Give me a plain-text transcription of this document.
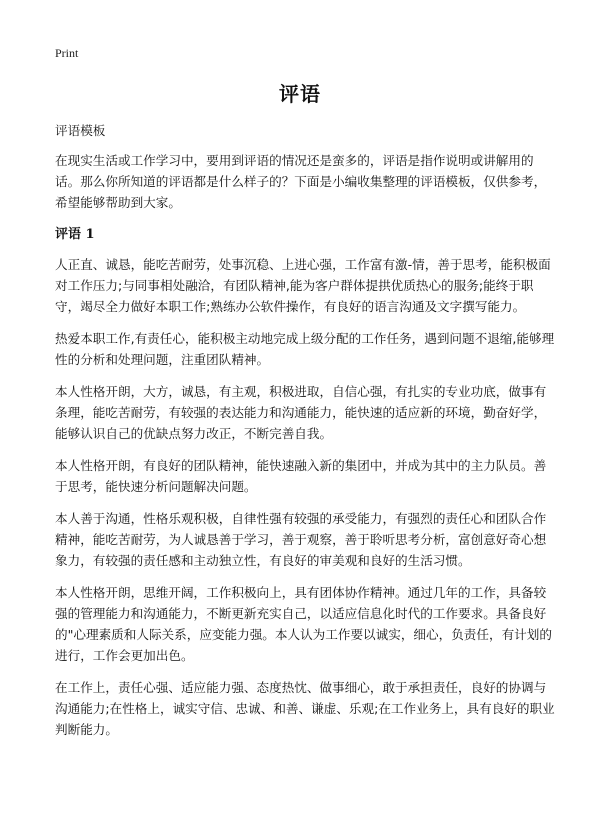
Print
评语

评语模板

在现实生活或工作学习中，要用到评语的情况还是蛮多的，评语是指作说明或讲解用的话。那么你所知道的评语都是什么样子的？下面是小编收集整理的评语模板，仅供参考，希望能够帮助到大家。

评语 1

人正直、诚恳，能吃苦耐劳，处事沉稳、上进心强，工作富有激-情，善于思考，能积极面对工作压力;与同事相处融洽，有团队精神,能为客户群体提拱优质热心的服务;能终于职守，竭尽全力做好本职工作;熟练办公软件操作，有良好的语言沟通及文字撰写能力。

热爱本职工作,有责任心，能积极主动地完成上级分配的工作任务，遇到问题不退缩,能够理性的分析和处理问题，注重团队精神。

本人性格开朗，大方，诚恳，有主观，积极进取，自信心强，有扎实的专业功底，做事有条理，能吃苦耐劳，有较强的表达能力和沟通能力，能快速的适应新的环境，勤奋好学，能够认识自己的优缺点努力改正，不断完善自我。

本人性格开朗，有良好的团队精神，能快速融入新的集团中，并成为其中的主力队员。善于思考，能快速分析问题解决问题。

本人善于沟通，性格乐观积极，自律性强有较强的承受能力，有强烈的责任心和团队合作精神，能吃苦耐劳，为人诚恳善于学习，善于观察，善于聆听思考分析，富创意好奇心想象力，有较强的责任感和主动独立性，有良好的审美观和良好的生活习惯。

本人性格开朗，思维开阔，工作积极向上，具有团体协作精神。通过几年的工作，具备较强的管理能力和沟通能力，不断更新充实自己，以适应信息化时代的工作要求。具备良好的"心理素质和人际关系，应变能力强。本人认为工作要以诚实，细心，负责任，有计划的进行，工作会更加出色。

在工作上，责任心强、适应能力强、态度热忱、做事细心，敢于承担责任，良好的协调与沟通能力;在性格上，诚实守信、忠诚、和善、谦虚、乐观;在工作业务上，具有良好的职业判断能力。
